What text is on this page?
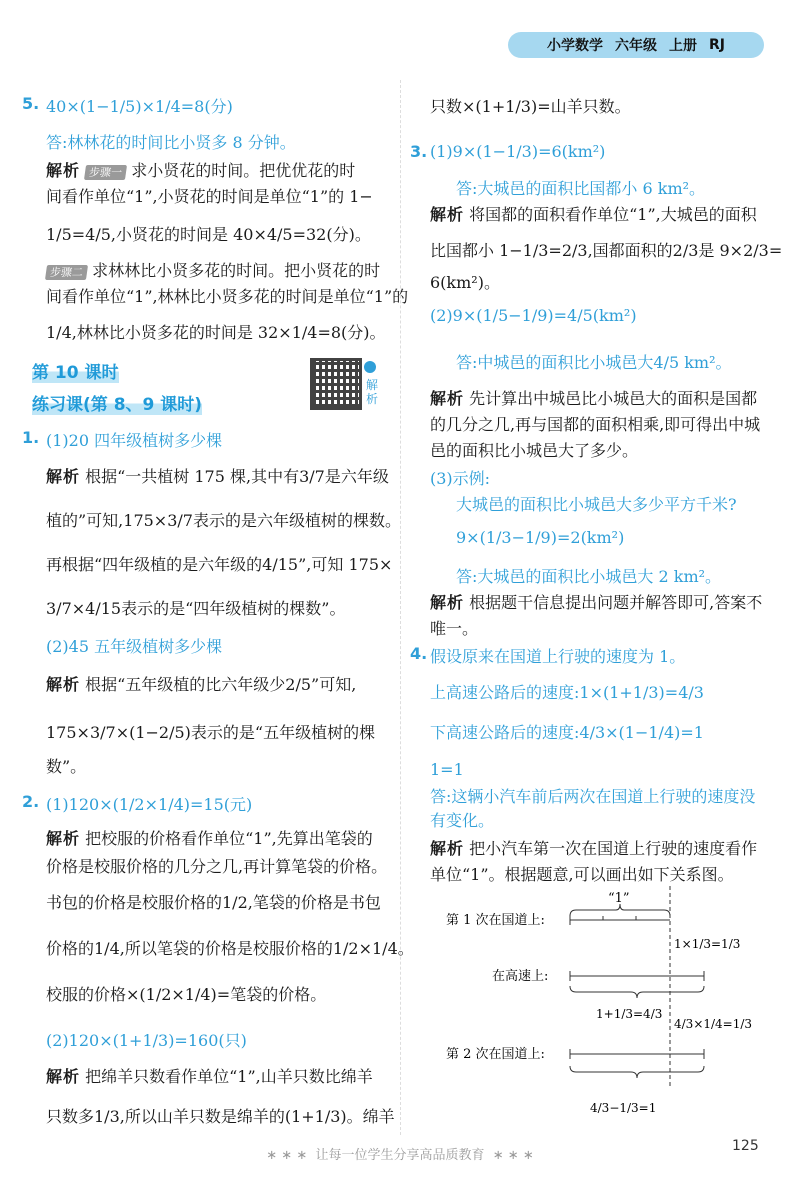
小学数学 六年级 上册 RJ
5. 40×(1−1/5)×1/4=8(分)
答:林林花的时间比小贤多 8 分钟。
解析 步骤一 求小贤花的时间。把优优花的时
间看作单位“1”,小贤花的时间是单位“1”的 1−
1/5=4/5,小贤花的时间是 40×4/5=32(分)。
步骤二 求林林比小贤多花的时间。把小贤花的时
间看作单位“1”,林林比小贤多花的时间是单位“1”的
1/4,林林比小贤多花的时间是 32×1/4=8(分)。
第 10 课时
练习课(第 8、9 课时)
解析
1. (1)20 四年级植树多少棵
解析 根据“一共植树 175 棵,其中有3/7是六年级
植的”可知,175×3/7表示的是六年级植树的棵数。
再根据“四年级植的是六年级的4/15”,可知 175×
3/7×4/15表示的是“四年级植树的棵数”。
(2)45 五年级植树多少棵
解析 根据“五年级植的比六年级少2/5”可知,
175×3/7×(1−2/5)表示的是“五年级植树的棵
数”。
2. (1)120×(1/2×1/4)=15(元)
解析 把校服的价格看作单位“1”,先算出笔袋的
价格是校服价格的几分之几,再计算笔袋的价格。
书包的价格是校服价格的1/2,笔袋的价格是书包
价格的1/4,所以笔袋的价格是校服价格的1/2×1/4。
校服的价格×(1/2×1/4)=笔袋的价格。
(2)120×(1+1/3)=160(只)
解析 把绵羊只数看作单位“1”,山羊只数比绵羊
只数多1/3,所以山羊只数是绵羊的(1+1/3)。绵羊
只数×(1+1/3)=山羊只数。
3. (1)9×(1−1/3)=6(km²)
答:大城邑的面积比国都小 6 km²。
解析 将国都的面积看作单位“1”,大城邑的面积
比国都小 1−1/3=2/3,国都面积的2/3是 9×2/3=
6(km²)。
(2)9×(1/5−1/9)=4/5(km²)
答:中城邑的面积比小城邑大4/5 km²。
解析 先计算出中城邑比小城邑大的面积是国都
的几分之几,再与国都的面积相乘,即可得出中城
邑的面积比小城邑大了多少。
(3)示例:
大城邑的面积比小城邑大多少平方千米?
9×(1/3−1/9)=2(km²)
答:大城邑的面积比小城邑大 2 km²。
解析 根据题干信息提出问题并解答即可,答案不
唯一。
4. 假设原来在国道上行驶的速度为 1。
上高速公路后的速度:1×(1+1/3)=4/3
下高速公路后的速度:4/3×(1−1/4)=1
1=1
答:这辆小汽车前后两次在国道上行驶的速度没
有变化。
解析 把小汽车第一次在国道上行驶的速度看作
单位“1”。根据题意,可以画出如下关系图。
“1”
第 1 次在国道上:
1×1/3=1/3
在高速上:
1+1/3=4/3
4/3×1/4=1/3
第 2 次在国道上:
4/3−1/3=1
125
∗ ∗ ∗  让每一位学生分享高品质教育  ∗ ∗ ∗
